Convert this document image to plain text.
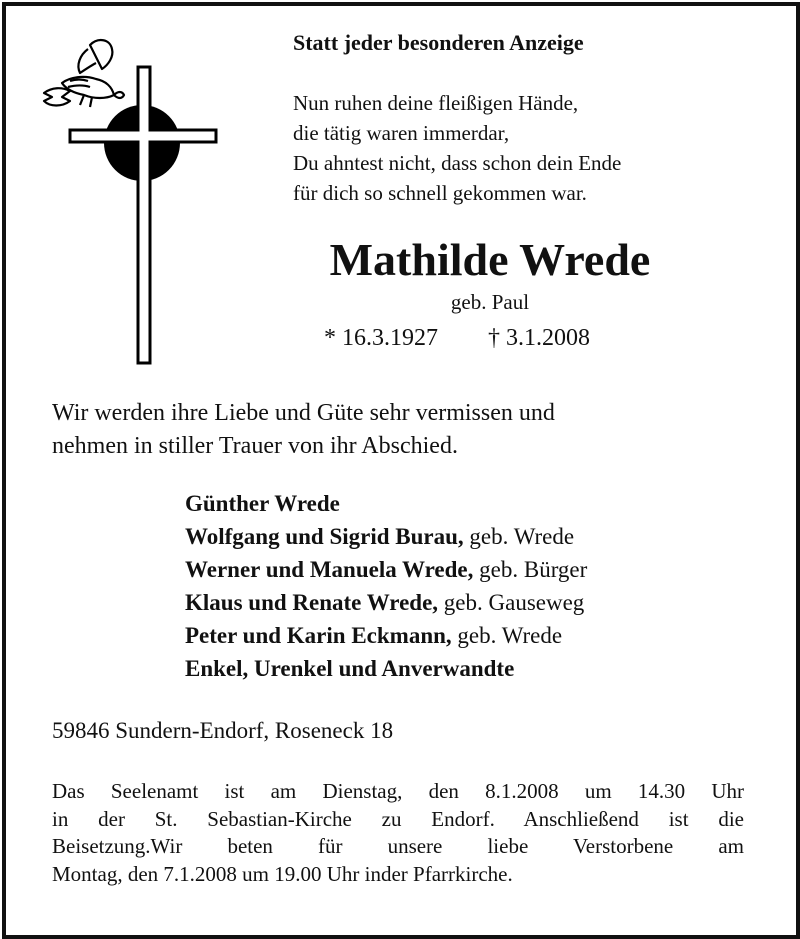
Statt jeder besonderen Anzeige
Nun ruhen deine fleißigen Hände,
die tätig waren immerdar,
Du ahntest nicht, dass schon dein Ende
für dich so schnell gekommen war.
Mathilde Wrede
geb. Paul
* 16.3.1927 † 3.1.2008
Wir werden ihre Liebe und Güte sehr vermissen und
nehmen in stiller Trauer von ihr Abschied.
Günther Wrede
Wolfgang und Sigrid Burau, geb. Wrede
Werner und Manuela Wrede, geb. Bürger
Klaus und Renate Wrede, geb. Gauseweg
Peter und Karin Eckmann, geb. Wrede
Enkel, Urenkel und Anverwandte
59846 Sundern-Endorf, Roseneck 18
Das Seelenamt ist am Dienstag, den 8.1.2008 um 14.30 Uhr
in der St. Sebastian-Kirche zu Endorf. Anschließend ist die
Beisetzung.Wir beten für unsere liebe Verstorbene am
Montag, den 7.1.2008 um 19.00 Uhr inder Pfarrkirche.
